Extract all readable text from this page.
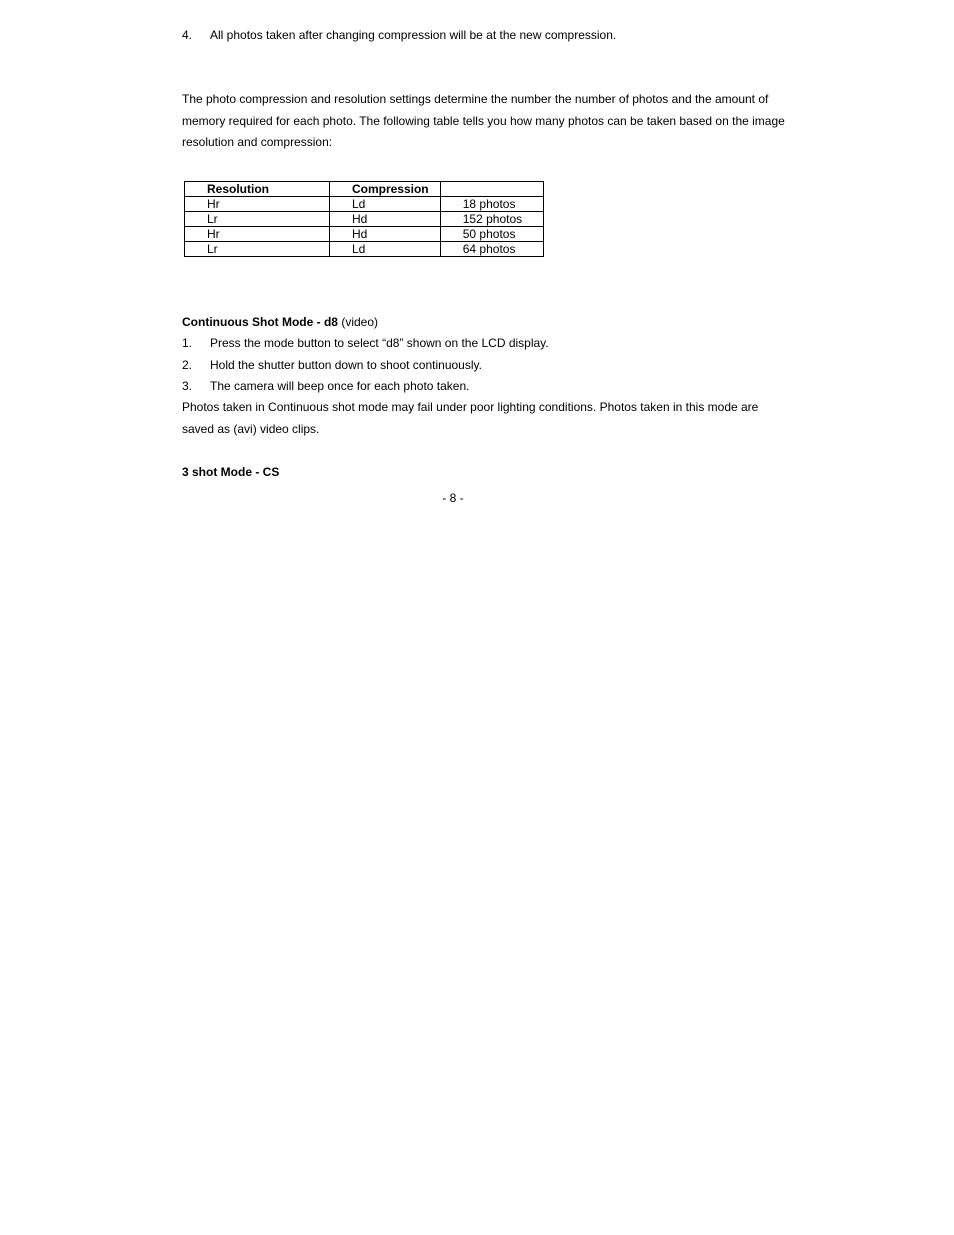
4. All photos taken after changing compression will be at the new compression.
The photo compression and resolution settings determine the number the number of photos and the amount of memory required for each photo. The following table tells you how many photos can be taken based on the image resolution and compression:
Resolution	Compression	
Hr	Ld	18 photos
Lr	Hd	152 photos
Hr	Hd	50 photos
Lr	Ld	64 photos
Continuous Shot Mode - d8 (video)
1. Press the mode button to select “d8” shown on the LCD display.
2. Hold the shutter button down to shoot continuously.
3. The camera will beep once for each photo taken.
Photos taken in Continuous shot mode may fail under poor lighting conditions. Photos taken in this mode are saved as (avi) video clips.
3 shot Mode - CS
- 8 -
